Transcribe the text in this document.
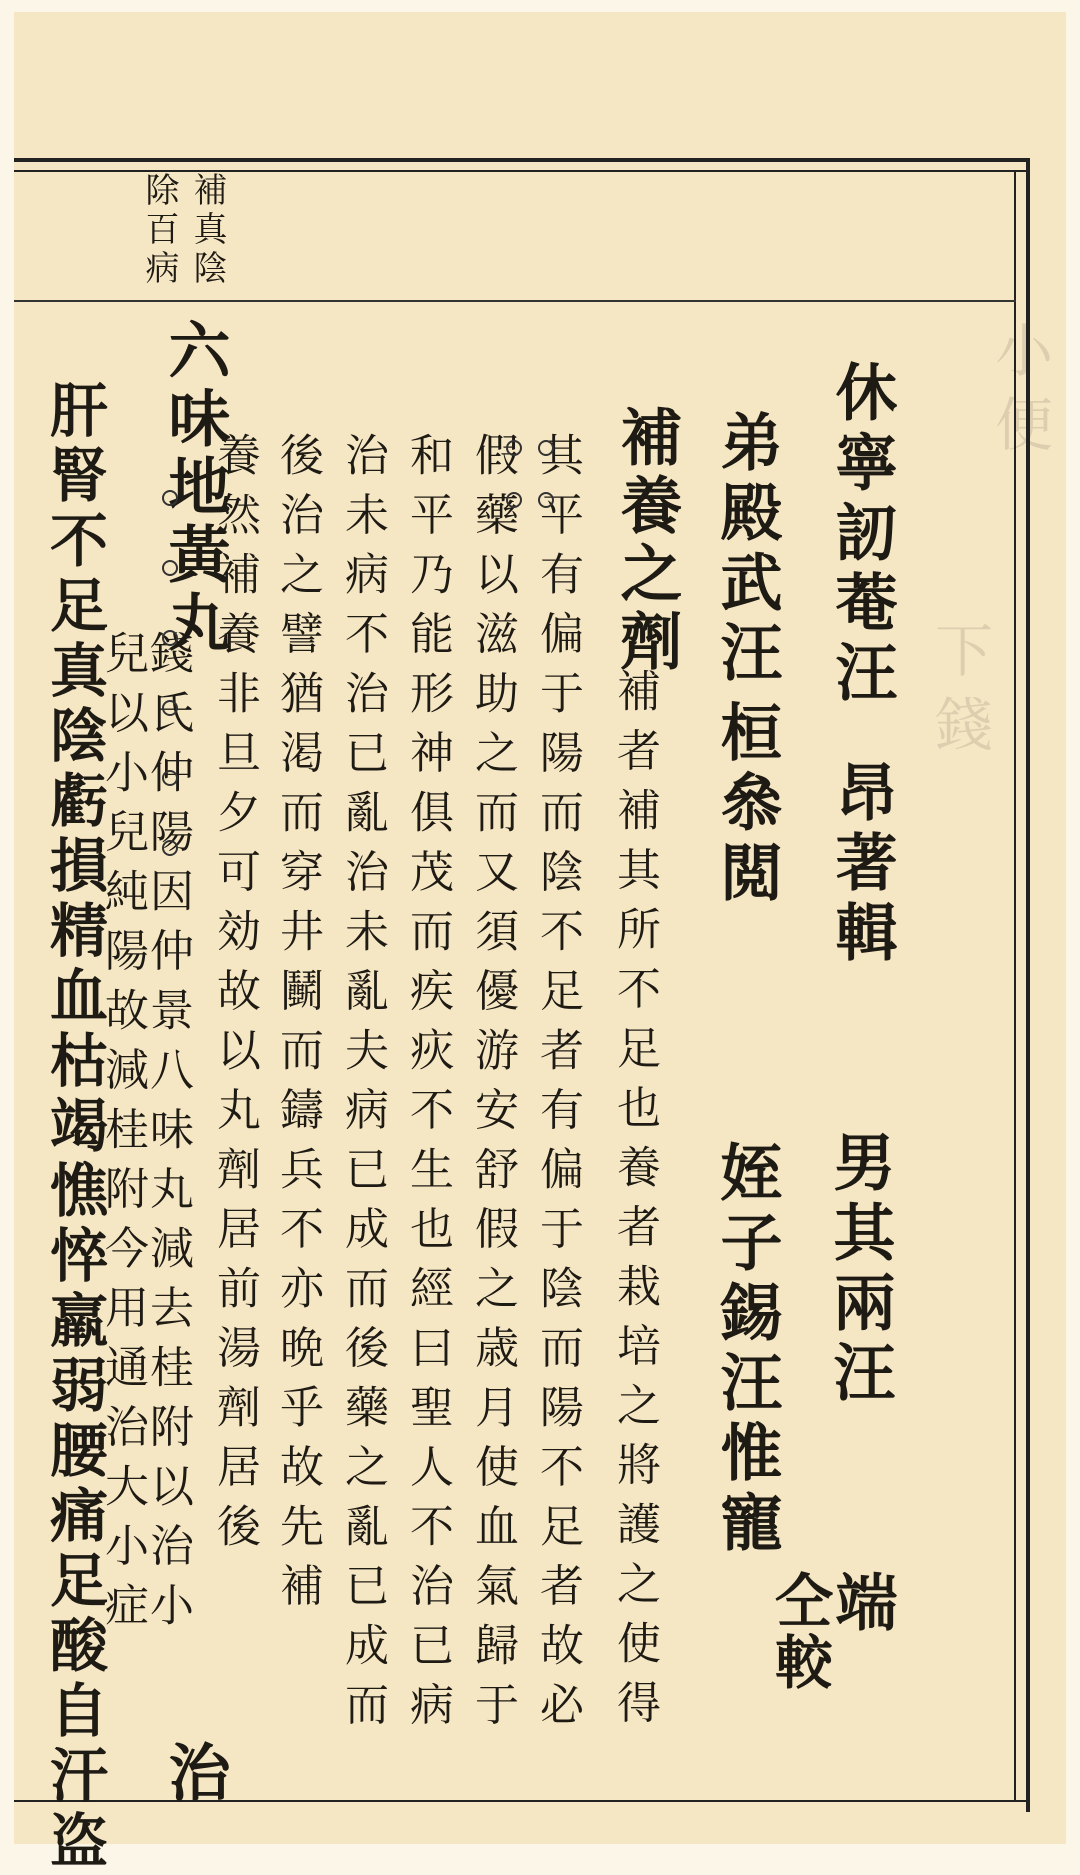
補真陰
除百病
休寧訒菴汪
昂著輯
男其兩汪
端
弟殿武汪
桓叅閲
姪子錫汪惟寵
仝較
補養之劑
補者補其所不足也養者栽培之將護之使得
其平有偏于陽而陰不足者有偏于陰而陽不足者故必
假藥以滋助之而又須優游安舒假之歳月使血氣歸于
和平乃能形神俱茂而疾疢不生也經曰聖人不治已病
治未病不治已亂治未亂夫病已成而後藥之亂已成而
後治之譬猶渇而穿井鬭而鑄兵不亦晩乎故先補
養然補養非旦夕可効故以丸劑居前湯劑居後
六味地黃丸
錢氏仲陽因仲景八味丸減去桂附以治小
治
兒以小兒純陽故減桂附今用通治大小症
肝腎不足真陰虧損精血枯竭憔悴羸弱腰痛足酸自汗盗
